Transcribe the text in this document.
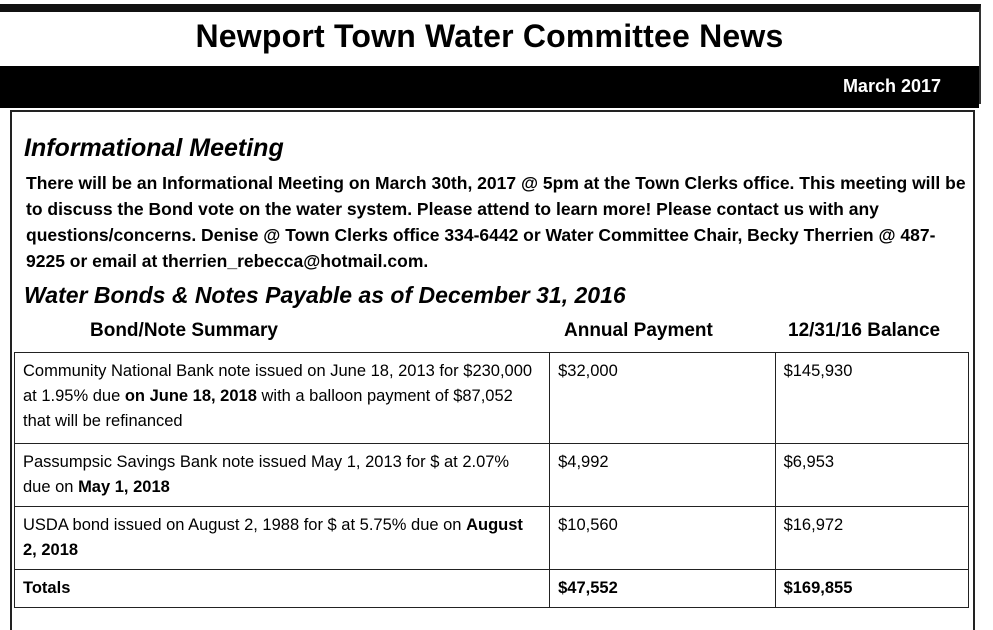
Newport Town Water Committee News
March 2017
Informational Meeting
There will be an Informational Meeting on March 30th, 2017 @ 5pm at the Town Clerks office. This meeting will be to discuss the Bond vote on the water system. Please attend to learn more! Please contact us with any questions/concerns. Denise @ Town Clerks office 334-6442 or Water Committee Chair, Becky Therrien @ 487-9225 or email at therrien_rebecca@hotmail.com.
Water Bonds & Notes Payable as of December 31, 2016
Bond/Note Summary	Annual Payment	12/31/16 Balance
Community National Bank note issued on June 18, 2013 for $230,000 at 1.95% due on June 18, 2018 with a balloon payment of $87,052 that will be refinanced	$32,000	$145,930
Passumpsic Savings Bank note issued May 1, 2013 for $ at 2.07% due on May 1, 2018	$4,992	$6,953
USDA bond issued on August 2, 1988 for $ at 5.75% due on August 2, 2018	$10,560	$16,972
Totals	$47,552	$169,855
